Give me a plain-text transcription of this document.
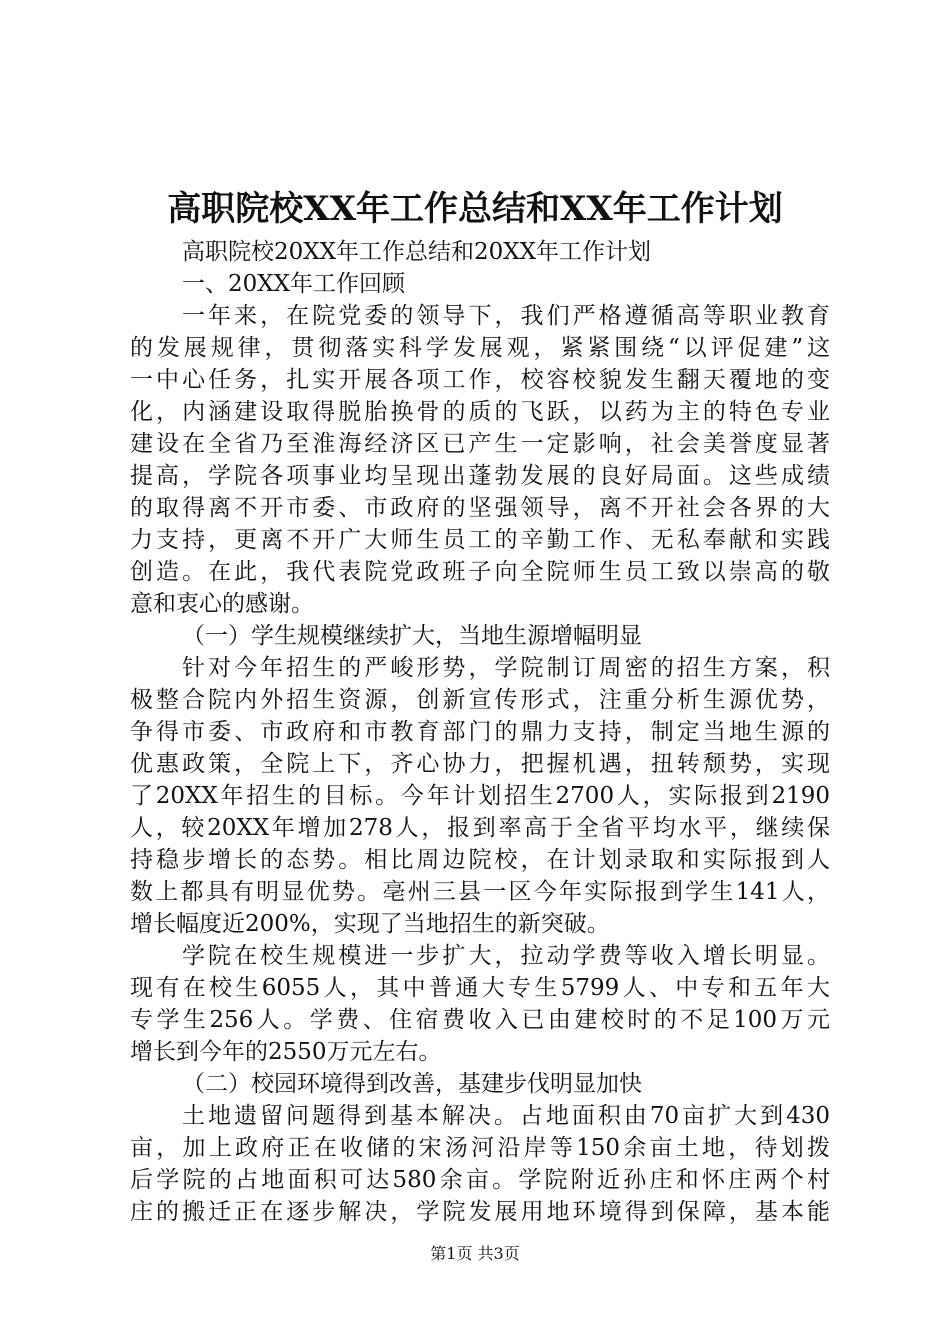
高职院校XX年工作总结和XX年工作计划
高职院校20XX年工作总结和20XX年工作计划
一、20XX年工作回顾
一年来，在院党委的领导下，我们严格遵循高等职业教育
的发展规律，贯彻落实科学发展观，紧紧围绕“以评促建”这
一中心任务，扎实开展各项工作，校容校貌发生翻天覆地的变
化，内涵建设取得脱胎换骨的质的飞跃，以药为主的特色专业
建设在全省乃至淮海经济区已产生一定影响，社会美誉度显著
提高，学院各项事业均呈现出蓬勃发展的良好局面。这些成绩
的取得离不开市委、市政府的坚强领导，离不开社会各界的大
力支持，更离不开广大师生员工的辛勤工作、无私奉献和实践
创造。在此，我代表院党政班子向全院师生员工致以崇高的敬
意和衷心的感谢。
（一）学生规模继续扩大，当地生源增幅明显
针对今年招生的严峻形势，学院制订周密的招生方案，积
极整合院内外招生资源，创新宣传形式，注重分析生源优势，
争得市委、市政府和市教育部门的鼎力支持，制定当地生源的
优惠政策，全院上下，齐心协力，把握机遇，扭转颓势，实现
了20XX年招生的目标。今年计划招生2700人，实际报到2190
人，较20XX年增加278人，报到率高于全省平均水平，继续保
持稳步增长的态势。相比周边院校，在计划录取和实际报到人
数上都具有明显优势。亳州三县一区今年实际报到学生141人，
增长幅度近200%，实现了当地招生的新突破。
学院在校生规模进一步扩大，拉动学费等收入增长明显。
现有在校生6055人，其中普通大专生5799人、中专和五年大
专学生256人。学费、住宿费收入已由建校时的不足100万元
增长到今年的2550万元左右。
（二）校园环境得到改善，基建步伐明显加快
土地遗留问题得到基本解决。占地面积由70亩扩大到430
亩，加上政府正在收储的宋汤河沿岸等150余亩土地，待划拨
后学院的占地面积可达580余亩。学院附近孙庄和怀庄两个村
庄的搬迁正在逐步解决，学院发展用地环境得到保障，基本能
第1页 共3页
